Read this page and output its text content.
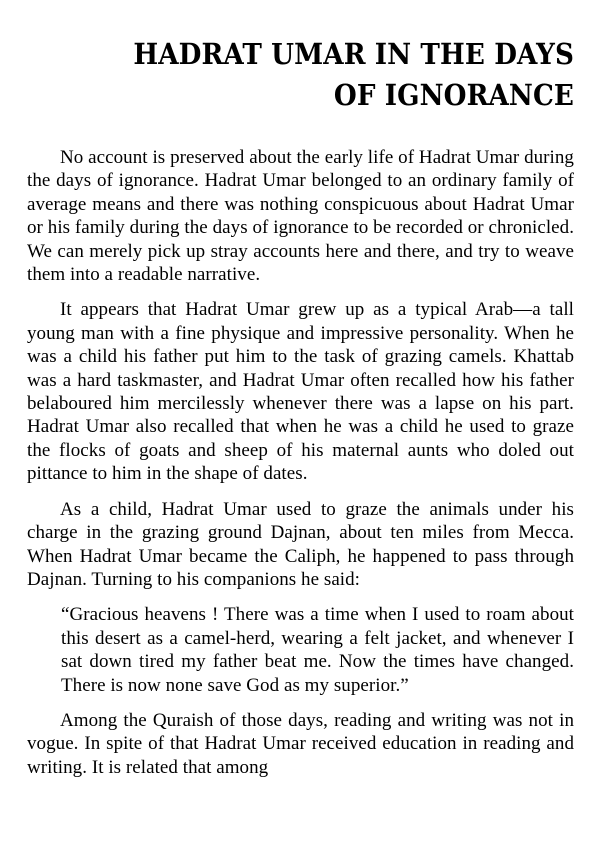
HADRAT UMAR IN THE DAYS
OF IGNORANCE

No account is preserved about the early life of Hadrat Umar during the days of ignorance. Hadrat Umar belonged to an ordinary family of average means and there was nothing conspicuous about Hadrat Umar or his family during the days of ignorance to be recorded or chronicled. We can merely pick up stray accounts here and there, and try to weave them into a readable narrative.

It appears that Hadrat Umar grew up as a typical Arab—a tall young man with a fine physique and impressive personality. When he was a child his father put him to the task of grazing camels. Khattab was a hard taskmaster, and Hadrat Umar often recalled how his father belaboured him mercilessly whenever there was a lapse on his part. Hadrat Umar also recalled that when he was a child he used to graze the flocks of goats and sheep of his maternal aunts who doled out pittance to him in the shape of dates.

As a child, Hadrat Umar used to graze the animals under his charge in the grazing ground Dajnan, about ten miles from Mecca. When Hadrat Umar became the Caliph, he happened to pass through Dajnan. Turning to his companions he said:

“Gracious heavens ! There was a time when I used to roam about this desert as a camel-herd, wearing a felt jacket, and whenever I sat down tired my father beat me. Now the times have changed. There is now none save God as my superior.”

Among the Quraish of those days, reading and writing was not in vogue. In spite of that Hadrat Umar received education in reading and writing. It is related that among
